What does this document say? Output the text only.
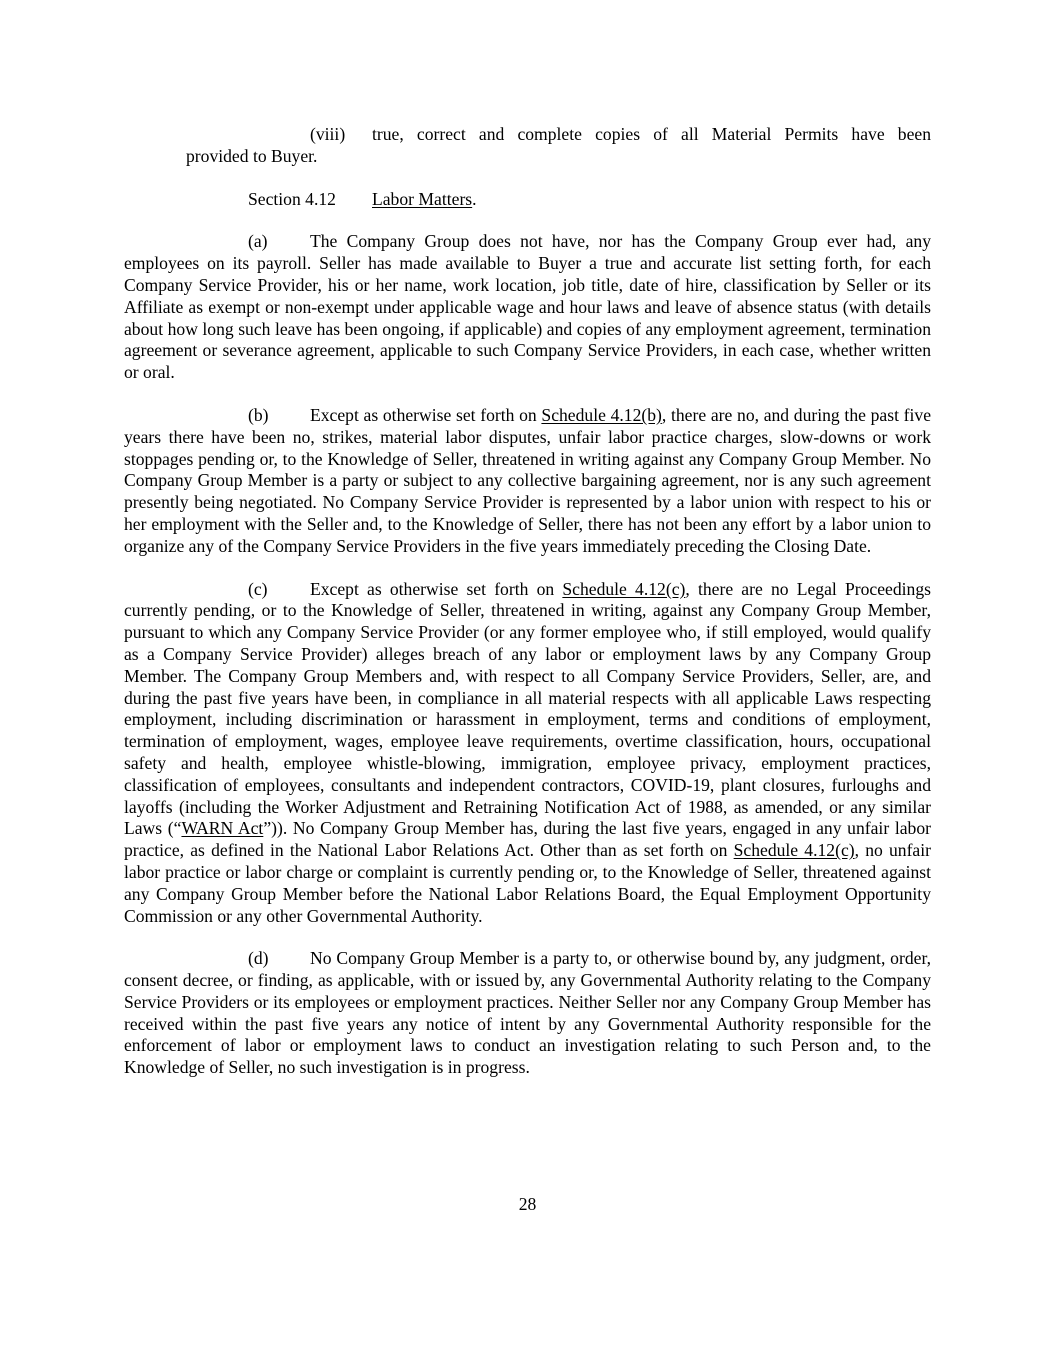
(viii)	true, correct and complete copies of all Material Permits have been

provided to Buyer.

Section 4.12	Labor Matters.

(a) The Company Group does not have, nor has the Company Group ever had, any employees on its payroll. Seller has made available to Buyer a true and accurate list setting forth, for each Company Service Provider, his or her name, work location, job title, date of hire, classification by Seller or its Affiliate as exempt or non-exempt under applicable wage and hour laws and leave of absence status (with details about how long such leave has been ongoing, if applicable) and copies of any employment agreement, termination agreement or severance agreement, applicable to such Company Service Providers, in each case, whether written or oral.

(b) Except as otherwise set forth on Schedule 4.12(b), there are no, and during the past five years there have been no, strikes, material labor disputes, unfair labor practice charges, slow-downs or work stoppages pending or, to the Knowledge of Seller, threatened in writing against any Company Group Member. No Company Group Member is a party or subject to any collective bargaining agreement, nor is any such agreement presently being negotiated. No Company Service Provider is represented by a labor union with respect to his or her employment with the Seller and, to the Knowledge of Seller, there has not been any effort by a labor union to organize any of the Company Service Providers in the five years immediately preceding the Closing Date.

(c) Except as otherwise set forth on Schedule 4.12(c), there are no Legal Proceedings currently pending, or to the Knowledge of Seller, threatened in writing, against any Company Group Member, pursuant to which any Company Service Provider (or any former employee who, if still employed, would qualify as a Company Service Provider) alleges breach of any labor or employment laws by any Company Group Member. The Company Group Members and, with respect to all Company Service Providers, Seller, are, and during the past five years have been, in compliance in all material respects with all applicable Laws respecting employment, including discrimination or harassment in employment, terms and conditions of employment, termination of employment, wages, employee leave requirements, overtime classification, hours, occupational safety and health, employee whistle-blowing, immigration, employee privacy, employment practices, classification of employees, consultants and independent contractors, COVID-19, plant closures, furloughs and layoffs (including the Worker Adjustment and Retraining Notification Act of 1988, as amended, or any similar Laws (“WARN Act”)). No Company Group Member has, during the last five years, engaged in any unfair labor practice, as defined in the National Labor Relations Act. Other than as set forth on Schedule 4.12(c), no unfair labor practice or labor charge or complaint is currently pending or, to the Knowledge of Seller, threatened against any Company Group Member before the National Labor Relations Board, the Equal Employment Opportunity Commission or any other Governmental Authority.

(d) No Company Group Member is a party to, or otherwise bound by, any judgment, order, consent decree, or finding, as applicable, with or issued by, any Governmental Authority relating to the Company Service Providers or its employees or employment practices. Neither Seller nor any Company Group Member has received within the past five years any notice of intent by any Governmental Authority responsible for the enforcement of labor or employment laws to conduct an investigation relating to such Person and, to the Knowledge of Seller, no such investigation is in progress.

28
